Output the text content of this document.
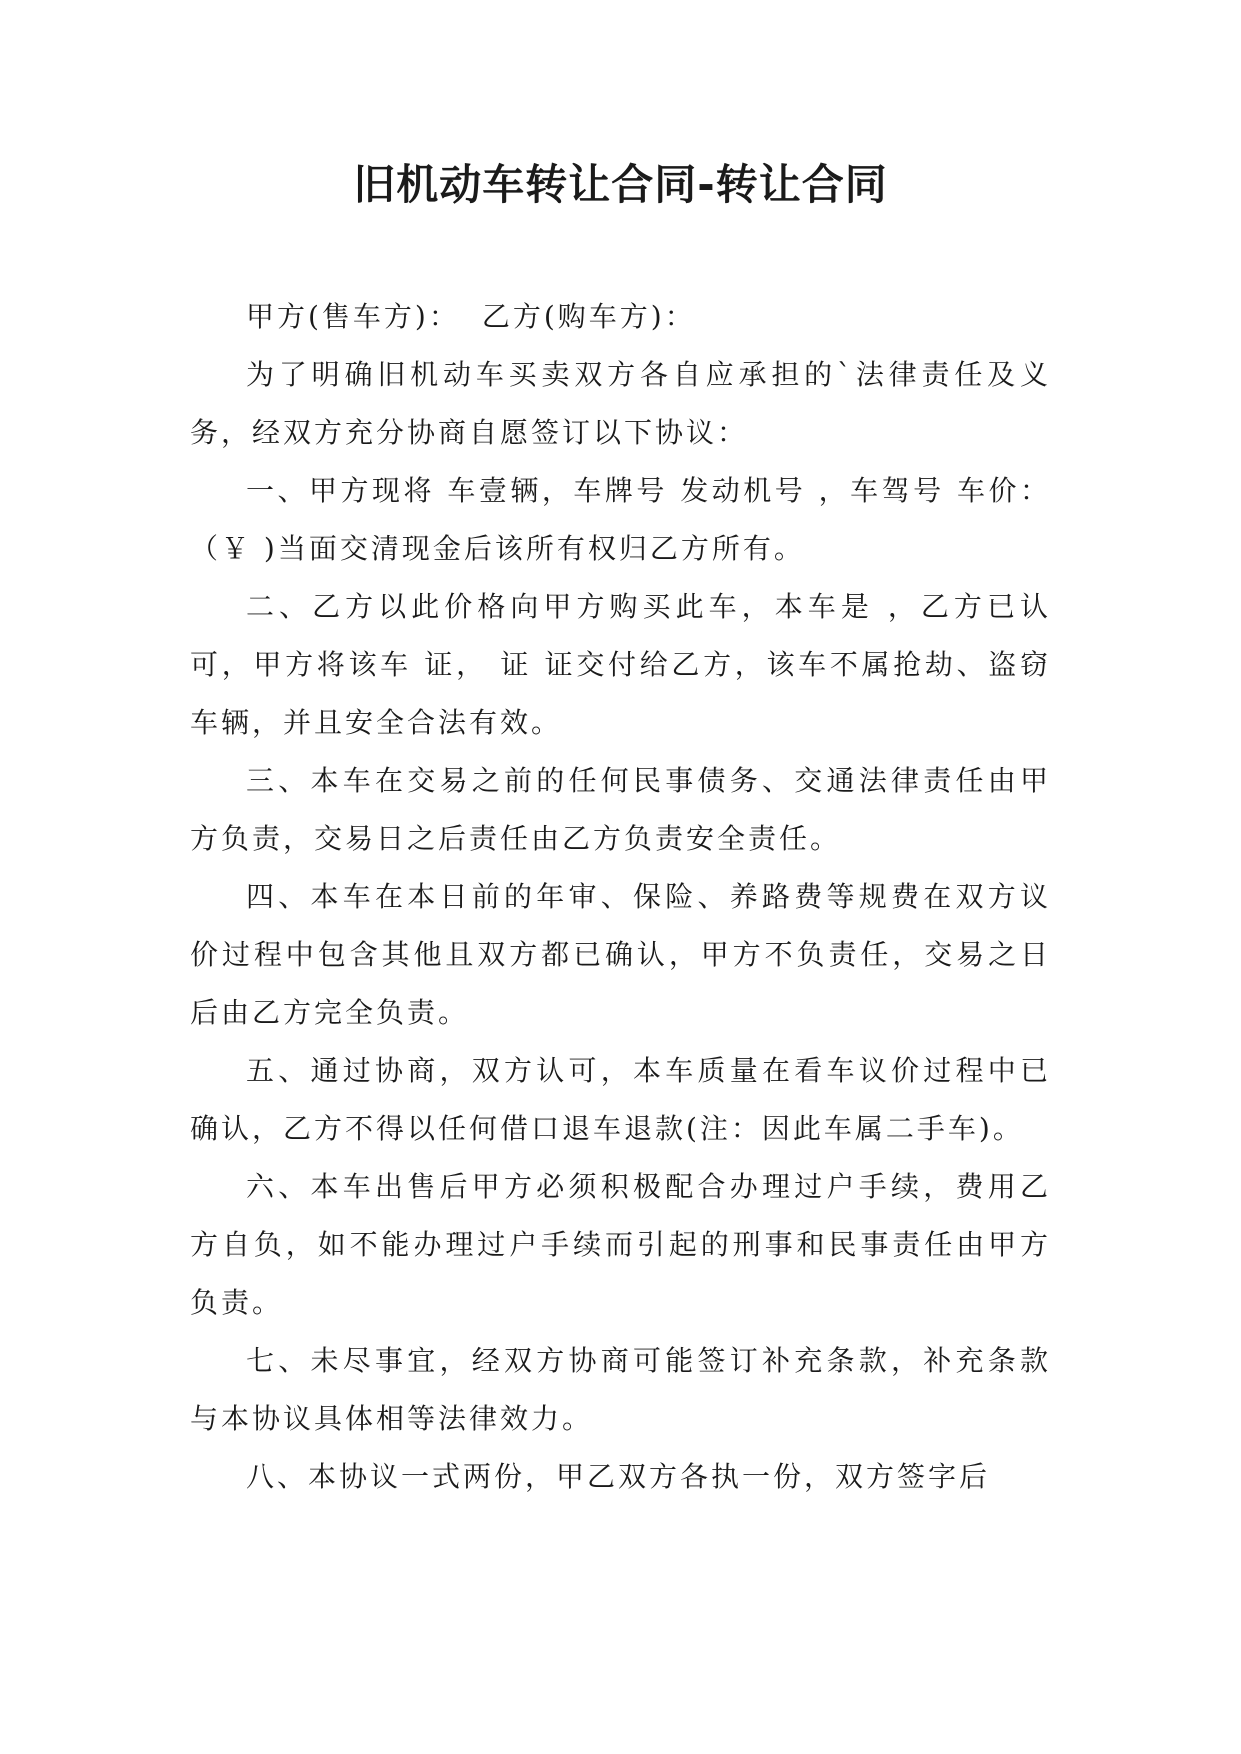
旧机动车转让合同-转让合同

甲方(售车方)： 乙方(购车方)：

为了明确旧机动车买卖双方各自应承担的`法律责任及义务，经双方充分协商自愿签订以下协议：

一、甲方现将 车壹辆，车牌号 发动机号 ，车驾号 车价：（￥ )当面交清现金后该所有权归乙方所有。

二、乙方以此价格向甲方购买此车，本车是 ，乙方已认可，甲方将该车 证， 证 证交付给乙方，该车不属抢劫、盗窃车辆，并且安全合法有效。

三、本车在交易之前的任何民事债务、交通法律责任由甲方负责，交易日之后责任由乙方负责安全责任。

四、本车在本日前的年审、保险、养路费等规费在双方议价过程中包含其他且双方都已确认，甲方不负责任，交易之日后由乙方完全负责。

五、通过协商，双方认可，本车质量在看车议价过程中已确认，乙方不得以任何借口退车退款(注：因此车属二手车)。

六、本车出售后甲方必须积极配合办理过户手续，费用乙方自负，如不能办理过户手续而引起的刑事和民事责任由甲方负责。

七、未尽事宜，经双方协商可能签订补充条款，补充条款与本协议具体相等法律效力。

八、本协议一式两份，甲乙双方各执一份，双方签字后
